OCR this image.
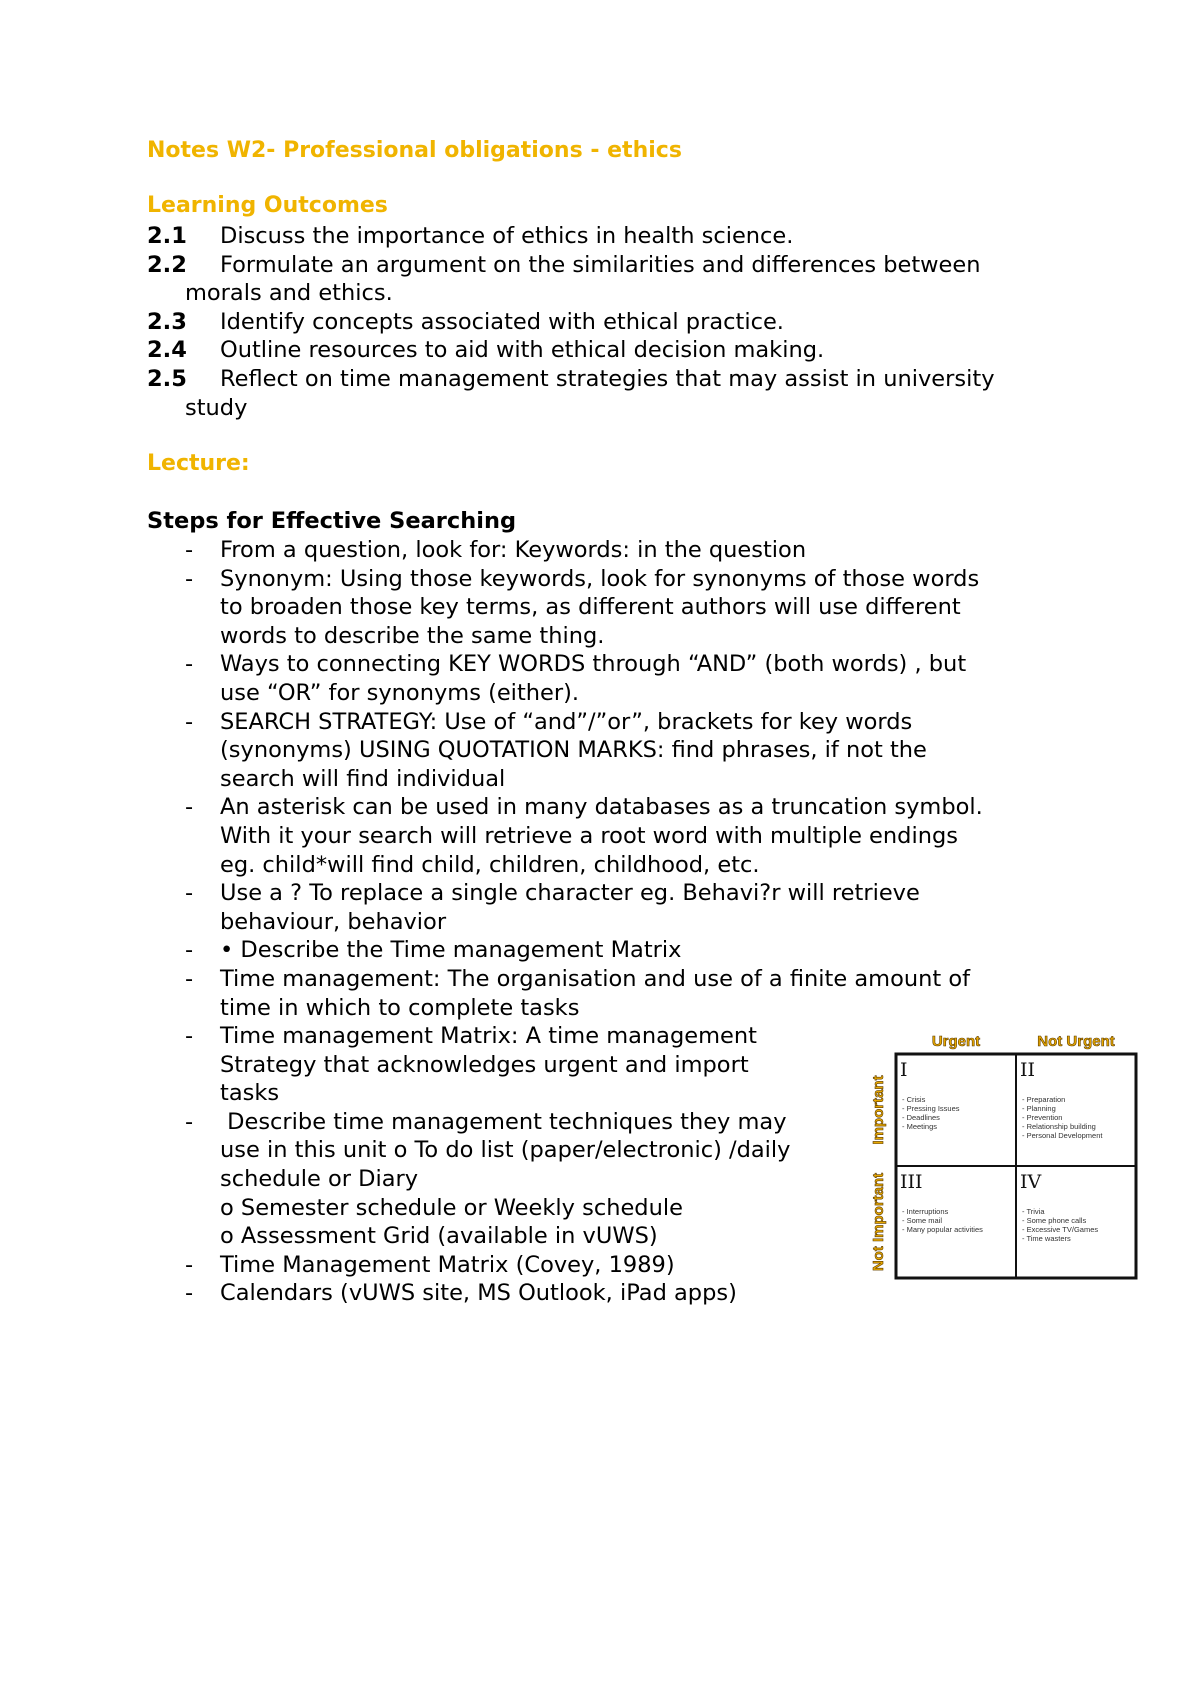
Notes W2- Professional obligations - ethics
Learning Outcomes
2.1 Discuss the importance of ethics in health science.
2.2 Formulate an argument on the similarities and differences between
morals and ethics.
2.3 Identify concepts associated with ethical practice.
2.4 Outline resources to aid with ethical decision making.
2.5 Reflect on time management strategies that may assist in university
study
Lecture:
Steps for Effective Searching
- From a question, look for: Keywords: in the question
- Synonym: Using those keywords, look for synonyms of those words
to broaden those key terms, as different authors will use different
words to describe the same thing.
- Ways to connecting KEY WORDS through “AND” (both words) , but
use “OR” for synonyms (either).
- SEARCH STRATEGY: Use of “and”/”or”, brackets for key words
(synonyms) USING QUOTATION MARKS: find phrases, if not the
search will find individual
- An asterisk can be used in many databases as a truncation symbol.
With it your search will retrieve a root word with multiple endings
eg. child*will find child, children, childhood, etc.
- Use a ? To replace a single character eg. Behavi?r will retrieve
behaviour, behavior
- • Describe the Time management Matrix
- Time management: The organisation and use of a finite amount of
time in which to complete tasks
- Time management Matrix: A time management
Strategy that acknowledges urgent and import
tasks
- Describe time management techniques they may
use in this unit o To do list (paper/electronic) /daily
schedule or Diary
o Semester schedule or Weekly schedule
o Assessment Grid (available in vUWS)
- Time Management Matrix (Covey, 1989)
- Calendars (vUWS site, MS Outlook, iPad apps)
Urgent	Not Urgent
Important
Not Important
I
- Crisis
- Pressing Issues
- Deadlines
- Meetings
II
- Preparation
- Planning
- Prevention
- Relationship building
- Personal Development
III
- Interruptions
- Some mail
- Many popular activities
IV
- Trivia
- Some phone calls
- Excessive TV/Games
- Time wasters
